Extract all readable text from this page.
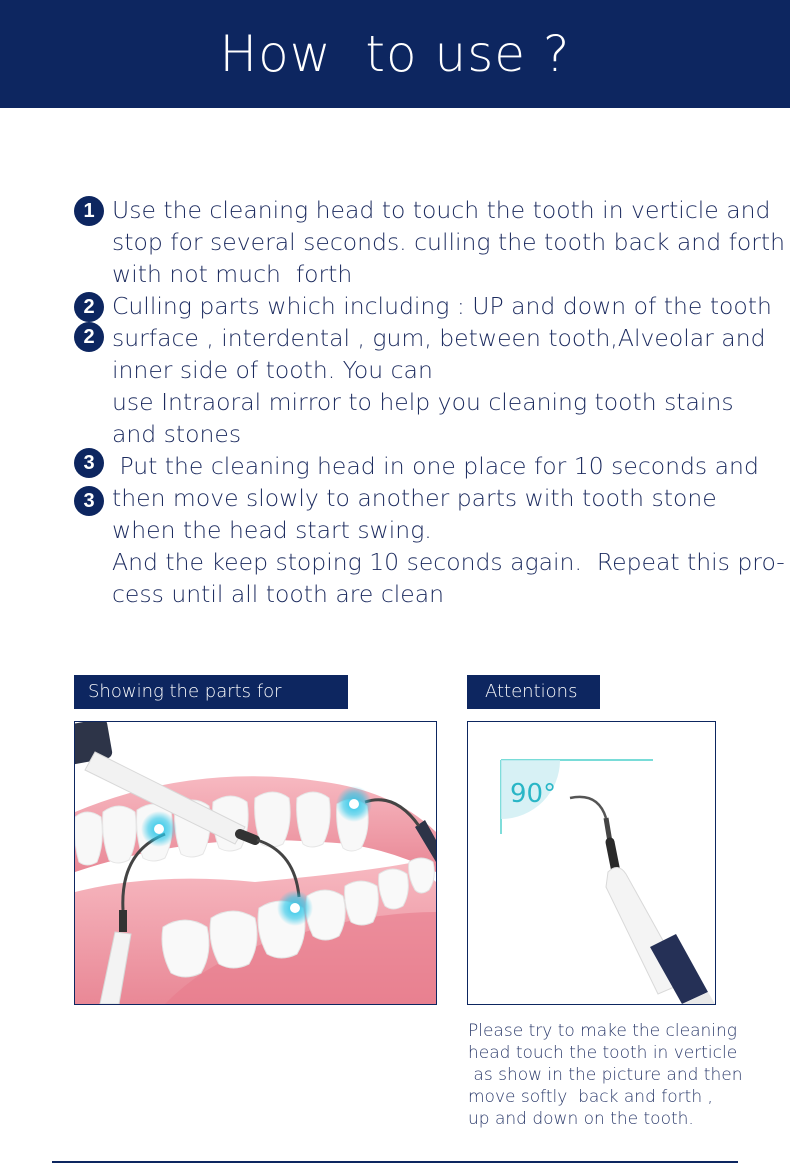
How  to use ?
1 Use the cleaning head to touch the tooth in verticle and
stop for several seconds. culling the tooth back and forth
with not much  forth
2 Culling parts which including : UP and down of the tooth
2 surface , interdental , gum, between tooth,Alveolar and
inner side of tooth. You can
use Intraoral mirror to help you cleaning tooth stains
and stones
3 Put the cleaning head in one place for 10 seconds and
3 then move slowly to another parts with tooth stone
when the head start swing.
And the keep stoping 10 seconds again.  Repeat this pro-
cess until all tooth are clean
Showing the parts for	Attentions
90°
Please try to make the cleaning
head touch the tooth in verticle
as show in the picture and then
move softly  back and forth ,
up and down on the tooth.
